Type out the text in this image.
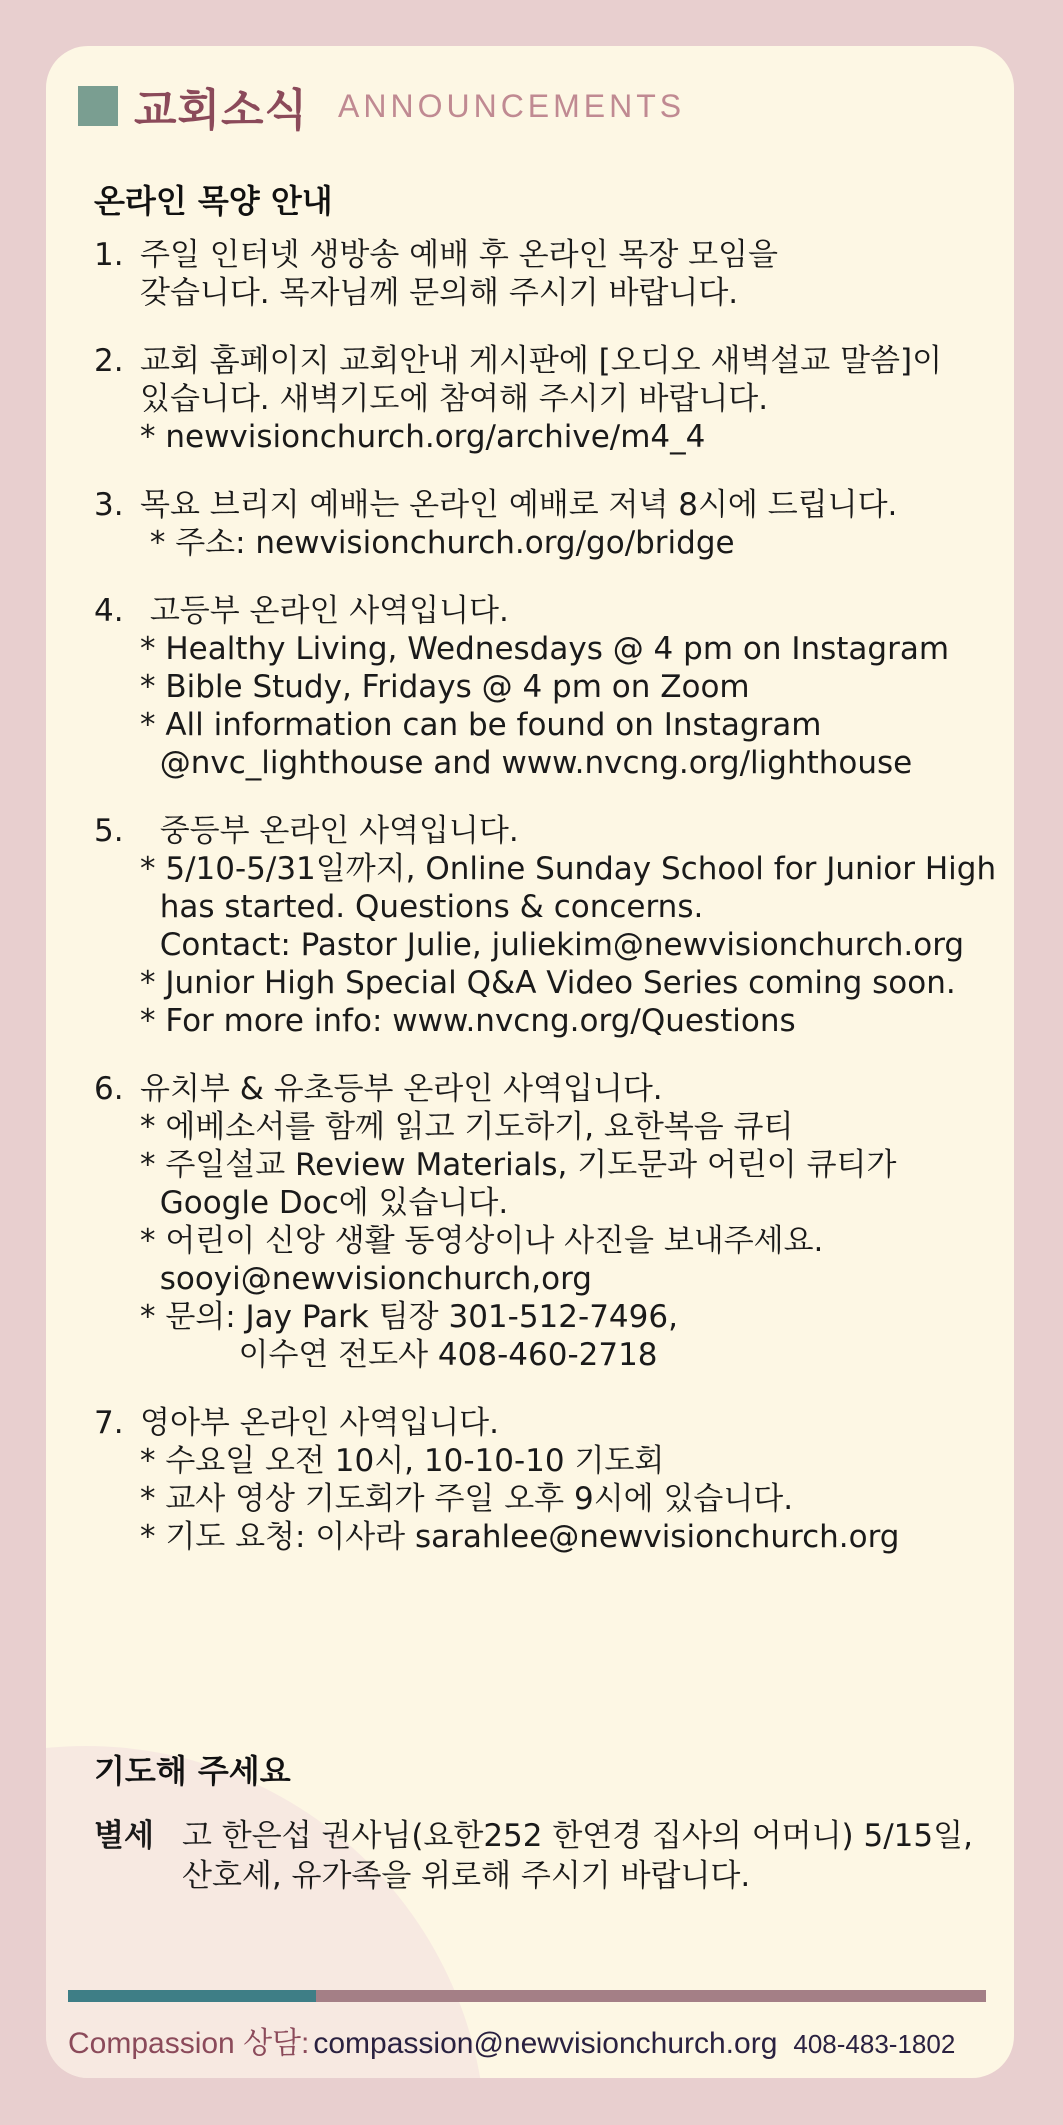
교회소식 ANNOUNCEMENTS
온라인 목양 안내
1. 주일 인터넷 생방송 예배 후 온라인 목장 모임을
갖습니다. 목자님께 문의해 주시기 바랍니다.
2. 교회 홈페이지 교회안내 게시판에 [오디오 새벽설교 말씀]이
있습니다. 새벽기도에 참여해 주시기 바랍니다.
* newvisionchurch.org/archive/m4_4
3. 목요 브리지 예배는 온라인 예배로 저녁 8시에 드립니다.
* 주소: newvisionchurch.org/go/bridge
4. 고등부 온라인 사역입니다.
* Healthy Living, Wednesdays @ 4 pm on Instagram
* Bible Study, Fridays @ 4 pm on Zoom
* All information can be found on Instagram
@nvc_lighthouse and www.nvcng.org/lighthouse
5. 중등부 온라인 사역입니다.
* 5/10-5/31일까지, Online Sunday School for Junior High
has started. Questions & concerns.
Contact: Pastor Julie, juliekim@newvisionchurch.org
* Junior High Special Q&A Video Series coming soon.
* For more info: www.nvcng.org/Questions
6. 유치부 & 유초등부 온라인 사역입니다.
* 에베소서를 함께 읽고 기도하기, 요한복음 큐티
* 주일설교 Review Materials, 기도문과 어린이 큐티가
Google Doc에 있습니다.
* 어린이 신앙 생활 동영상이나 사진을 보내주세요.
sooyi@newvisionchurch,org
* 문의: Jay Park 팀장 301-512-7496,
이수연 전도사 408-460-2718
7. 영아부 온라인 사역입니다.
* 수요일 오전 10시, 10-10-10 기도회
* 교사 영상 기도회가 주일 오후 9시에 있습니다.
* 기도 요청: 이사라 sarahlee@newvisionchurch.org
기도해 주세요
별세 고 한은섭 권사님(요한252 한연경 집사의 어머니) 5/15일,
산호세, 유가족을 위로해 주시기 바랍니다.
Compassion 상담: compassion@newvisionchurch.org 408-483-1802
